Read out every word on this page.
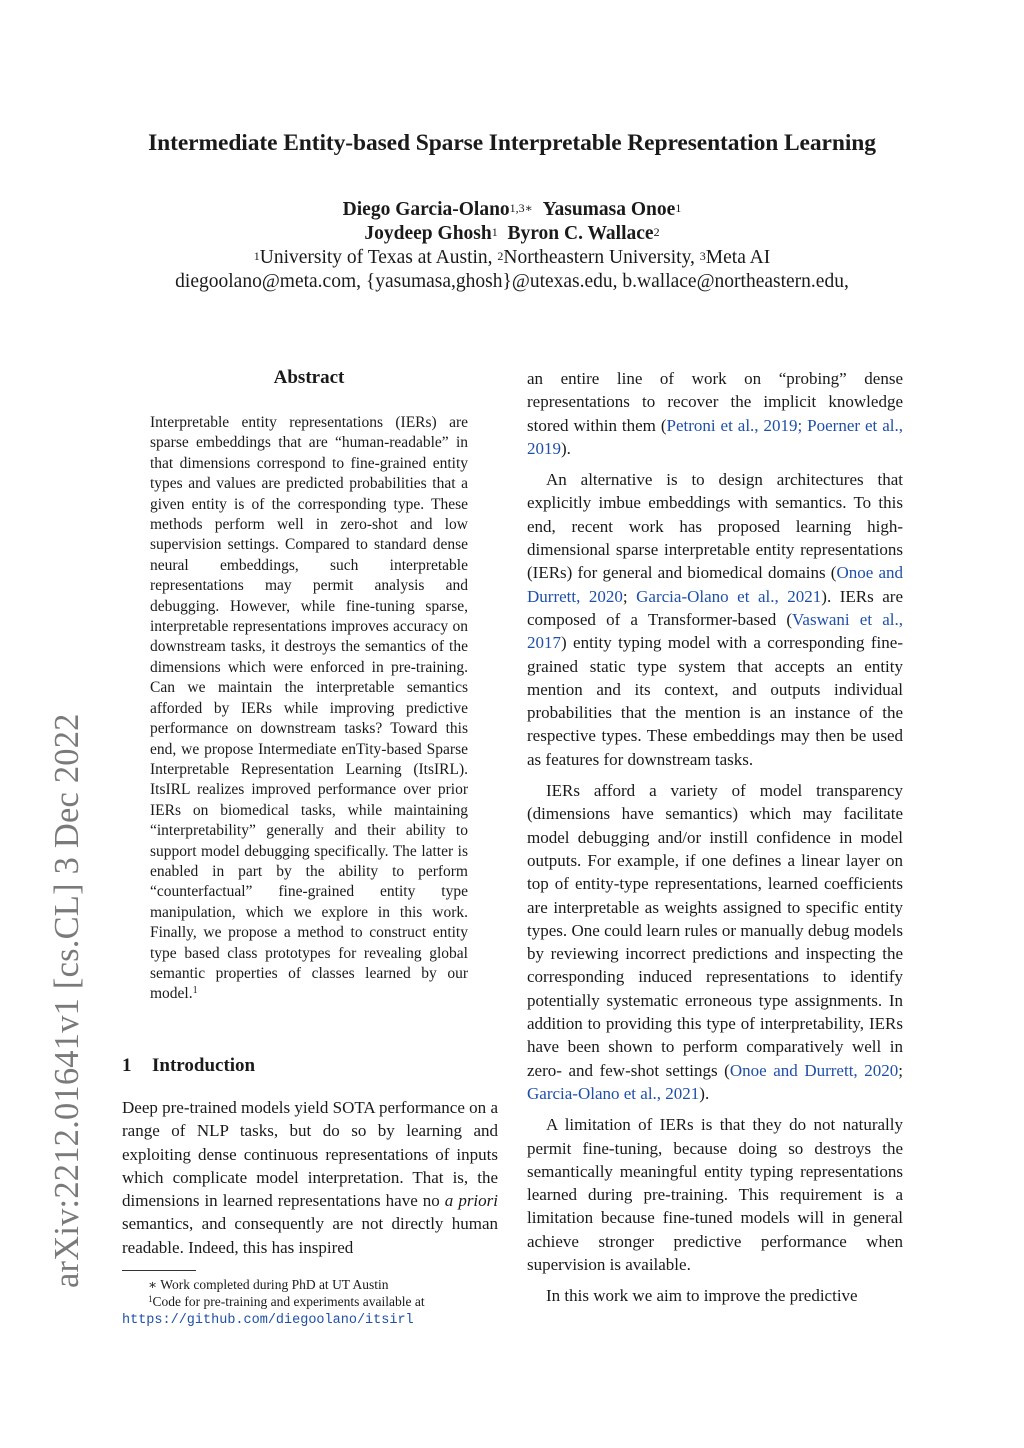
Intermediate Entity-based Sparse Interpretable Representation Learning
Diego Garcia-Olano$^{1,3∗}$ Yasumasa Onoe$^1$
Joydeep Ghosh$^1$ Byron C. Wallace$^2$
$^1$University of Texas at Austin, $^2$Northeastern University, $^3$Meta AI
diegoolano@meta.com, {yasumasa,ghosh}@utexas.edu, b.wallace@northeastern.edu,
arXiv:2212.01641v1 [cs.CL] 3 Dec 2022
Abstract
Interpretable entity representations (IERs) are sparse embeddings that are “human-readable” in that dimensions correspond to fine-grained entity types and values are predicted probabilities that a given entity is of the corresponding type. These methods perform well in zero-shot and low supervision settings. Compared to standard dense neural embeddings, such interpretable representations may permit analysis and debugging. However, while fine-tuning sparse, interpretable representations improves accuracy on downstream tasks, it destroys the semantics of the dimensions which were enforced in pre-training. Can we maintain the interpretable semantics afforded by IERs while improving predictive performance on downstream tasks? Toward this end, we propose Intermediate enTity-based Sparse Interpretable Representation Learning (ItsIRL). ItsIRL realizes improved performance over prior IERs on biomedical tasks, while maintaining “interpretability” generally and their ability to support model debugging specifically. The latter is enabled in part by the ability to perform “counterfactual” fine-grained entity type manipulation, which we explore in this work. Finally, we propose a method to construct entity type based class prototypes for revealing global semantic properties of classes learned by our model.$^1$
1 Introduction
Deep pre-trained models yield SOTA performance on a range of NLP tasks, but do so by learning and exploiting dense continuous representations of inputs which complicate model interpretation. That is, the dimensions in learned representations have no a priori semantics, and consequently are not directly human readable. Indeed, this has inspired
∗ Work completed during PhD at UT Austin
$^1$Code for pre-training and experiments available at
https://github.com/diegoolano/itsirl

an entire line of work on “probing” dense representations to recover the implicit knowledge stored within them (Petroni et al., 2019; Poerner et al., 2019).

An alternative is to design architectures that explicitly imbue embeddings with semantics. To this end, recent work has proposed learning high-dimensional sparse interpretable entity representations (IERs) for general and biomedical domains (Onoe and Durrett, 2020; Garcia-Olano et al., 2021). IERs are composed of a Transformer-based (Vaswani et al., 2017) entity typing model with a corresponding fine-grained static type system that accepts an entity mention and its context, and outputs individual probabilities that the mention is an instance of the respective types. These embeddings may then be used as features for downstream tasks.

IERs afford a variety of model transparency (dimensions have semantics) which may facilitate model debugging and/or instill confidence in model outputs. For example, if one defines a linear layer on top of entity-type representations, learned coefficients are interpretable as weights assigned to specific entity types. One could learn rules or manually debug models by reviewing incorrect predictions and inspecting the corresponding induced representations to identify potentially systematic erroneous type assignments. In addition to providing this type of interpretability, IERs have been shown to perform comparatively well in zero- and few-shot settings (Onoe and Durrett, 2020; Garcia-Olano et al., 2021).

A limitation of IERs is that they do not naturally permit fine-tuning, because doing so destroys the semantically meaningful entity typing representations learned during pre-training. This requirement is a limitation because fine-tuned models will in general achieve stronger predictive performance when supervision is available.

In this work we aim to improve the predictive
